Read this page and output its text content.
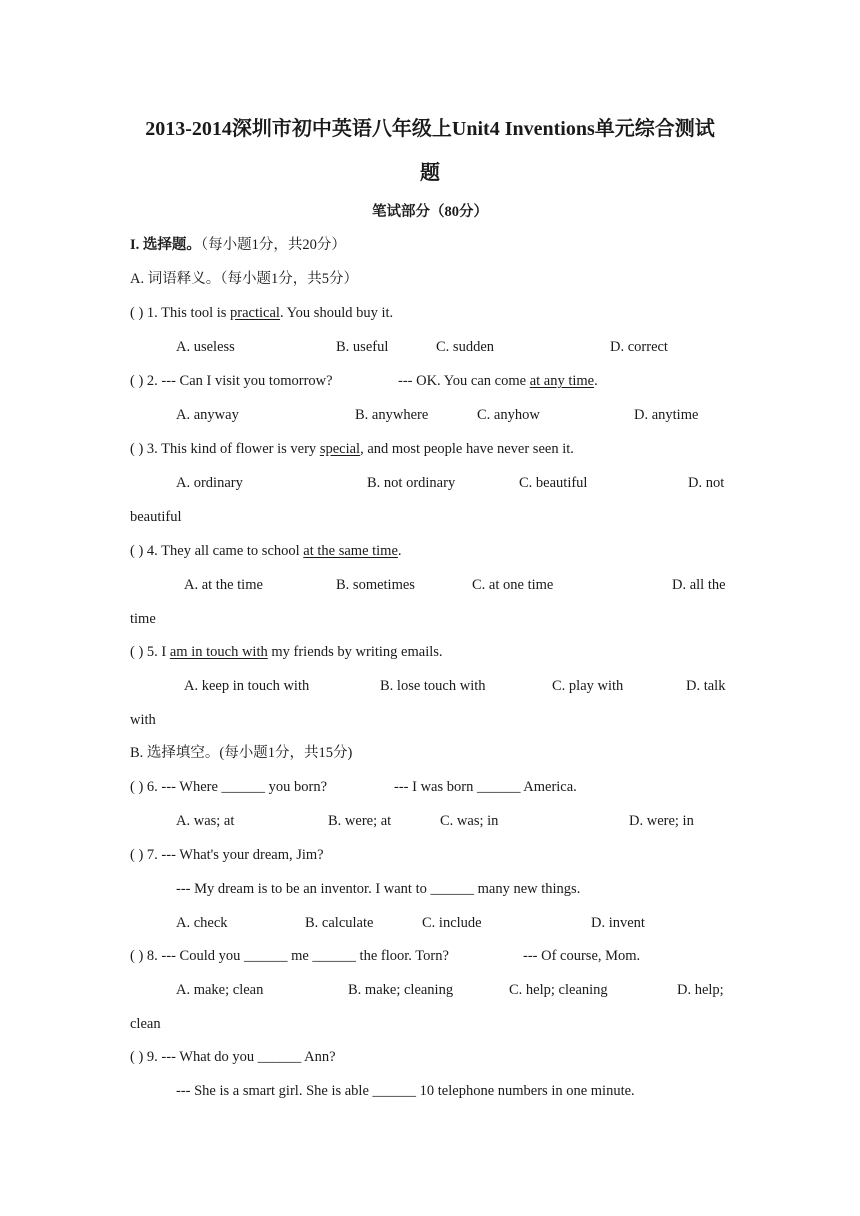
2013-2014深圳市初中英语八年级上Unit4 Inventions单元综合测试
题
笔试部分（80分）
I. 选择题。（每小题1分，共20分）
A. 词语释义。（每小题1分，共5分）
( ) 1. This tool is practical. You should buy it.
A. useless	B. useful	C. sudden	D. correct
( ) 2. --- Can I visit you tomorrow?	--- OK. You can come at any time.
A. anyway	B. anywhere	C. anyhow	D. anytime
( ) 3. This kind of flower is very special, and most people have never seen it.
A. ordinary	B. not ordinary	C. beautiful	D. not
beautiful
( ) 4. They all came to school at the same time.
A. at the time	B. sometimes	C. at one time	D. all the
time
( ) 5. I am in touch with my friends by writing emails.
A. keep in touch with	B. lose touch with	C. play with	D. talk
with
B. 选择填空。(每小题1分，共15分)
( ) 6. --- Where ______ you born?	--- I was born ______ America.
A. was; at	B. were; at	C. was; in	D. were; in
( ) 7. --- What's your dream, Jim?
--- My dream is to be an inventor. I want to ______ many new things.
A. check	B. calculate	C. include	D. invent
( ) 8. --- Could you ______ me ______ the floor. Torn?	--- Of course, Mom.
A. make; clean	B. make; cleaning	C. help; cleaning	D. help;
clean
( ) 9. --- What do you ______ Ann?
--- She is a smart girl. She is able ______ 10 telephone numbers in one minute.
